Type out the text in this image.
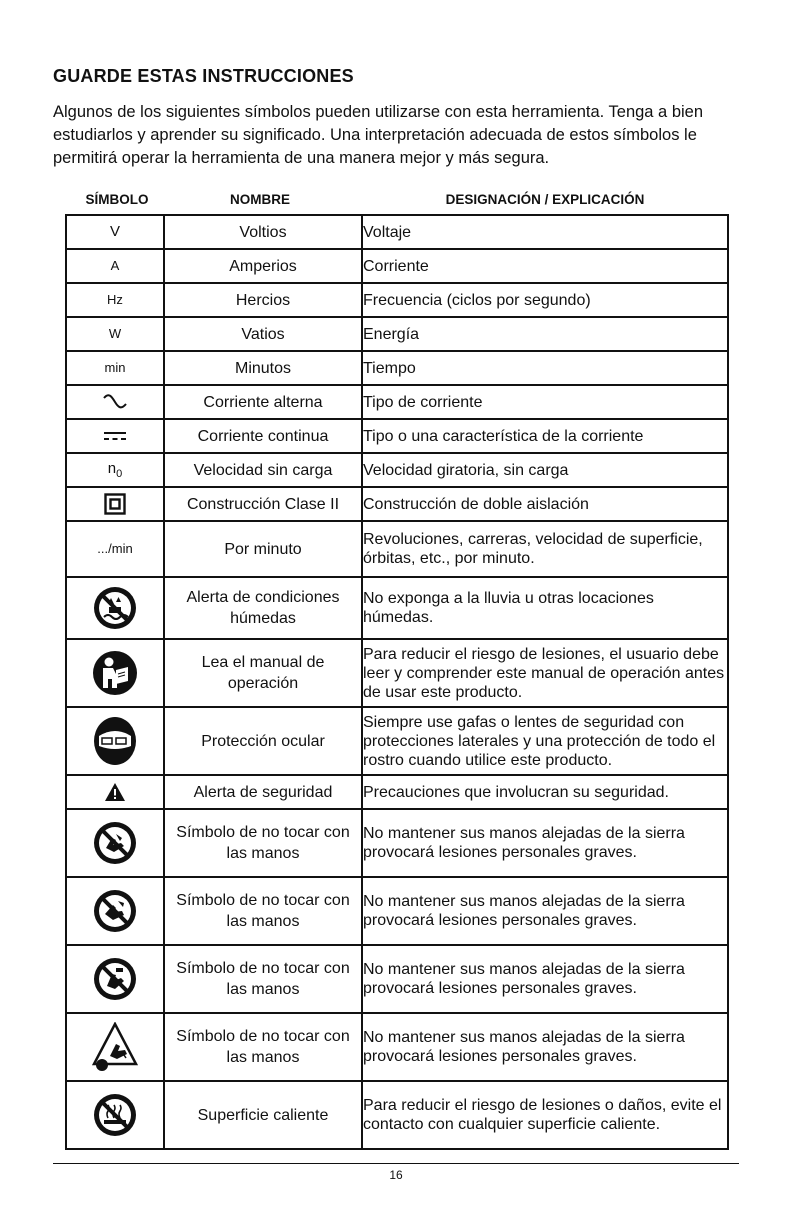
GUARDE ESTAS INSTRUCCIONES
Algunos de los siguientes símbolos pueden utilizarse con esta herramienta. Tenga a bien estudiarlos y aprender su significado. Una interpretación adecuada de estos símbolos le permitirá operar la herramienta de una manera mejor y más segura.
SÍMBOLO	NOMBRE	DESIGNACIÓN / EXPLICACIÓN
V	Voltios	Voltaje
A	Amperios	Corriente
Hz	Hercios	Frecuencia (ciclos por segundo)
W	Vatios	Energía
min	Minutos	Tiempo

	Corriente alterna	Tipo de corriente

	Corriente continua	Tipo o una característica de la corriente
$n_0$	Velocidad sin carga	Velocidad giratoria, sin carga

	Construcción Clase II	Construcción de doble aislación
.../min	Por minuto	Revoluciones, carreras, velocidad de superficie, órbitas, etc., por minuto.

	Alerta de condiciones húmedas	No exponga a la lluvia u otras locaciones húmedas.

	Lea el manual de operación	Para reducir el riesgo de lesiones, el usuario debe leer y comprender este manual de operación antes de usar este producto.

	Protección ocular	Siempre use gafas o lentes de seguridad con protecciones laterales y una protección de todo el rostro cuando utilice este producto.

	Alerta de seguridad	Precauciones que involucran su seguridad.

	Símbolo de no tocar con las manos	No mantener sus manos alejadas de la sierra provocará lesiones personales graves.

	Símbolo de no tocar con las manos	No mantener sus manos alejadas de la sierra provocará lesiones personales graves.

	Símbolo de no tocar con las manos	No mantener sus manos alejadas de la sierra provocará lesiones personales graves.

	Símbolo de no tocar con las manos	No mantener sus manos alejadas de la sierra provocará lesiones personales graves.

	Superficie caliente	Para reducir el riesgo de lesiones o daños, evite el contacto con cualquier superficie caliente.
16
